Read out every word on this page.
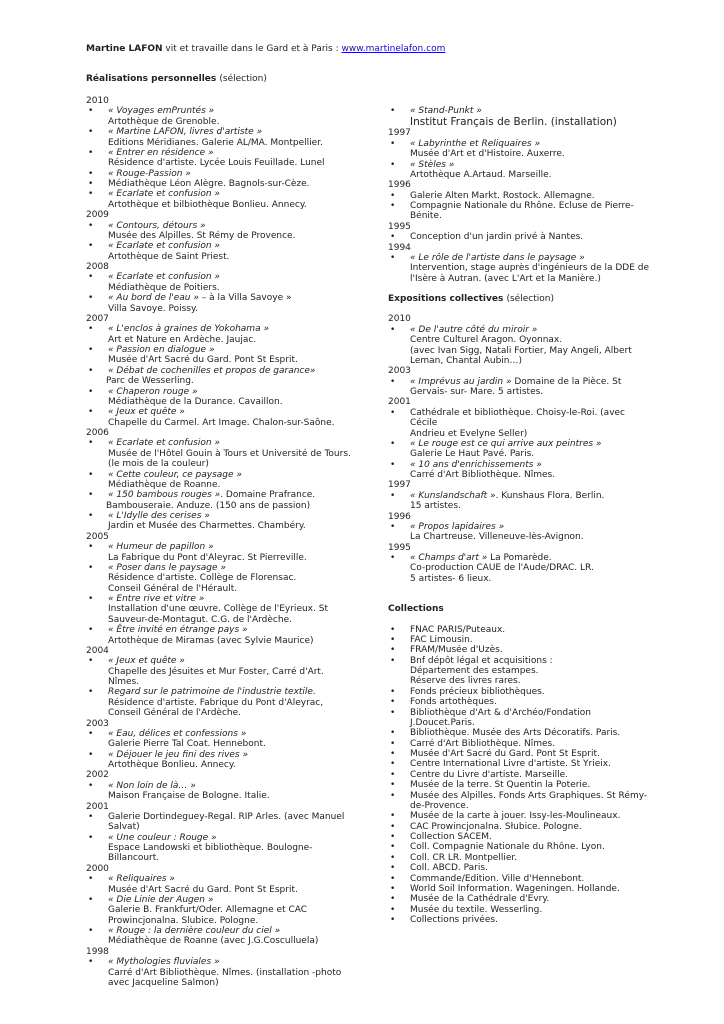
Martine LAFON vit et travaille dans le Gard et à Paris : www.martinelafon.com
Réalisations personnelles (sélection)
2010
• « Voyages emPruntés »
Artothèque de Grenoble.
• « Martine LAFON, livres d'artiste »
Editions Méridianes. Galerie AL/MA. Montpellier.
• « Entrer en résidence »
Résidence d'artiste. Lycée Louis Feuillade. Lunel
• « Rouge-Passion »
• Médiathèque Léon Alègre. Bagnols-sur-Cèze.
• « Ecarlate et confusion »
Artothèque et bilbiothèque Bonlieu. Annecy.
2009
• « Contours, détours »
Musée des Alpilles. St Rémy de Provence.
• « Ecarlate et confusion »
Artothèque de Saint Priest.
2008
• « Ecarlate et confusion »
Médiathèque de Poitiers.
• « Au bord de l'eau » – à la Villa Savoye »
Villa Savoye. Poissy.
2007
• « L'enclos à graines de Yokohama »
Art et Nature en Ardèche. Jaujac.
• « Passion en dialogue »
Musée d'Art Sacré du Gard. Pont St Esprit.
• « Débat de cochenilles et propos de garance»
Parc de Wesserling.
• « Chaperon rouge »
Médiathèque de la Durance. Cavaillon.
• « Jeux et quête »
Chapelle du Carmel. Art Image. Chalon-sur-Saône.
2006
• « Ecarlate et confusion »
Musée de l'Hôtel Gouin à Tours et Université de Tours.
(le mois de la couleur)
• « Cette couleur, ce paysage »
Médiathèque de Roanne.
• « 150 bambous rouges ». Domaine Prafrance.
Bambouseraie. Anduze. (150 ans de passion)
• « L'Idylle des cerises »
Jardin et Musée des Charmettes. Chambéry.
2005
• « Humeur de papillon »
La Fabrique du Pont d'Aleyrac. St Pierreville.
• « Poser dans le paysage »
Résidence d'artiste. Collège de Florensac.
Conseil Général de l'Hérault.
• « Entre rive et vitre »
Installation d'une œuvre. Collège de l'Eyrieux. St
Sauveur-de-Montagut. C.G. de l'Ardèche.
• « Être invité en étrange pays »
Artothèque de Miramas (avec Sylvie Maurice)
2004
• « Jeux et quête »
Chapelle des Jésuites et Mur Foster, Carré d'Art.
Nîmes.
• Regard sur le patrimoine de l'industrie textile.
Résidence d'artiste. Fabrique du Pont d'Aleyrac,
Conseil Général de l'Ardèche.
2003
• « Eau, délices et confessions »
Galerie Pierre Tal Coat. Hennebont.
• « Déjouer le jeu fini des rives »
Artothèque Bonlieu. Annecy.
2002
• « Non loin de là… »
Maison Française de Bologne. Italie.
2001
• Galerie Dortindeguey-Regal. RIP Arles. (avec Manuel
Salvat)
• « Une couleur : Rouge »
Espace Landowski et bibliothèque. Boulogne-
Billancourt.
2000
• « Reliquaires »
Musée d'Art Sacré du Gard. Pont St Esprit.
• « Die Linie der Augen »
Galerie B. Frankfurt/Oder. Allemagne et CAC
Prowincjonalna. Slubice. Pologne.
• « Rouge : la dernière couleur du ciel »
Médiathèque de Roanne (avec J.G.Cosculluela)
1998
• « Mythologies fluviales »
Carré d'Art Bibliothèque. Nîmes. (installation -photo
avec Jacqueline Salmon)
• « Stand-Punkt »
Institut Français de Berlin. (installation)
1997
• « Labyrinthe et Reliquaires »
Musée d'Art et d'Histoire. Auxerre.
• « Stèles »
Artothèque A.Artaud. Marseille.
1996
• Galerie Alten Markt. Rostock. Allemagne.
• Compagnie Nationale du Rhône. Ecluse de Pierre-
Bénite.
1995
• Conception d'un jardin privé à Nantes.
1994
• « Le rôle de l'artiste dans le paysage »
Intervention, stage auprès d'ingénieurs de la DDE de
l'Isère à Autran. (avec L'Art et la Manière.)
Expositions collectives (sélection)
2010
• « De l'autre côté du miroir »
Centre Culturel Aragon. Oyonnax.
(avec Ivan Sigg, Natali Fortier, May Angeli, Albert
Leman, Chantal Aubin…)
2003
• « Imprévus au jardin » Domaine de la Pièce. St
Gervais- sur- Mare. 5 artistes.
2001
• Cathédrale et bibliothèque. Choisy-le-Roi. (avec Cécile
Andrieu et Evelyne Seller)
• « Le rouge est ce qui arrive aux peintres »
Galerie Le Haut Pavé. Paris.
• « 10 ans d'enrichissements »
Carré d'Art Bibliothèque. Nîmes.
1997
• « Kunslandschaft ». Kunshaus Flora. Berlin.
15 artistes.
1996
• « Propos lapidaires »
La Chartreuse. Villeneuve-lès-Avignon.
1995
• « Champs d'art » La Pomarède.
Co-production CAUE de l'Aude/DRAC. LR.
5 artistes- 6 lieux.
Collections
• FNAC PARIS/Puteaux.
• FAC Limousin.
• FRAM/Musée d'Uzès.
• Bnf dépôt légal et acquisitions :
Département des estampes.
Réserve des livres rares.
• Fonds précieux bibliothèques.
• Fonds artothèques.
• Bibliothèque d'Art & d'Archéo/Fondation
J.Doucet.Paris.
• Bibliothèque. Musée des Arts Décoratifs. Paris.
• Carré d'Art Bibliothèque. Nîmes.
• Musée d'Art Sacré du Gard. Pont St Esprit.
• Centre International Livre d'artiste. St Yrieix.
• Centre du Livre d'artiste. Marseille.
• Musée de la terre. St Quentin la Poterie.
• Musée des Alpilles. Fonds Arts Graphiques. St Rémy-
de-Provence.
• Musée de la carte à jouer. Issy-les-Moulineaux.
• CAC Prowincjonalna. Słubice. Pologne.
• Collection SACEM.
• Coll. Compagnie Nationale du Rhône. Lyon.
• Coll. CR LR. Montpellier.
• Coll. ABCD. Paris.
• Commande/Edition. Ville d'Hennebont.
• World Soil Information. Wageningen. Hollande.
• Musée de la Cathédrale d'Evry.
• Musée du textile. Wesserling.
• Collections privées.
